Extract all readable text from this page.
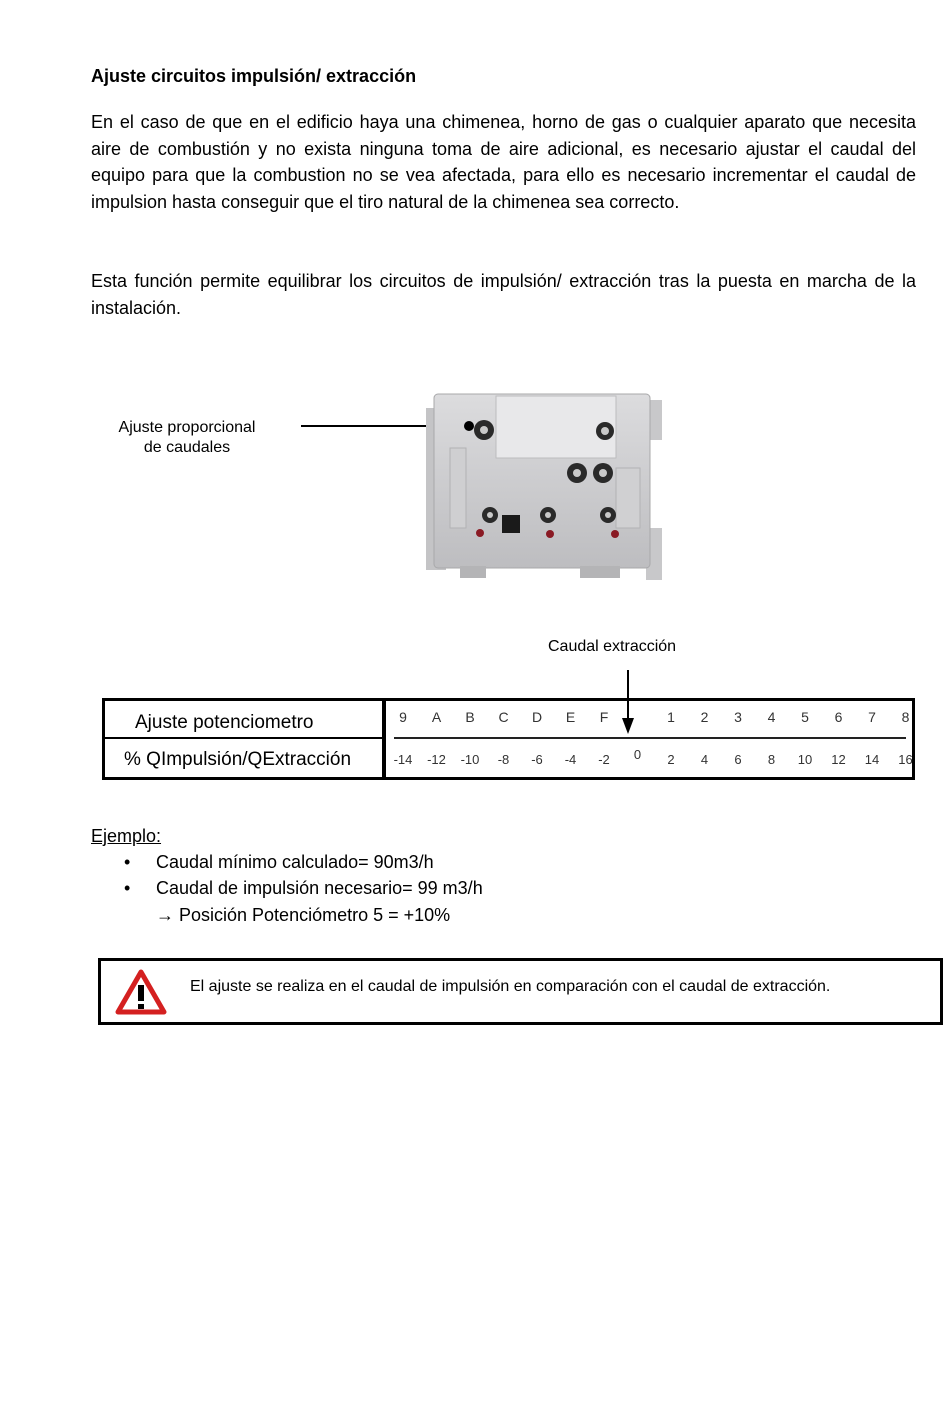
Ajuste circuitos impulsión/ extracción
En el caso de que en el edificio haya una chimenea, horno de gas o cualquier aparato que necesita aire de combustión y no exista ninguna toma de aire adicional, es necesario ajustar el caudal del equipo para que la combustion no se vea afectada, para ello es necesario incrementar el caudal de impulsion hasta conseguir que el tiro natural de la chimenea sea correcto.
Esta función permite equilibrar los circuitos de impulsión/ extracción tras la puesta en marcha de la instalación.
Ajuste proporcional
de caudales
Caudal extracción
Ajuste potenciometro
% QImpulsión/QExtracción
9 A B C D E F	1 2 3 4 5 6 7 8
-14 -12 -10 -8 -6 -4 -2 0 2 4 6 8 10 12 14 16
Ejemplo:
• Caudal mínimo calculado= 90m3/h
• Caudal de impulsión necesario= 99 m3/h
→ Posición Potenciómetro 5 = +10%
El ajuste se realiza en el caudal de impulsión en comparación con el caudal de extracción.
